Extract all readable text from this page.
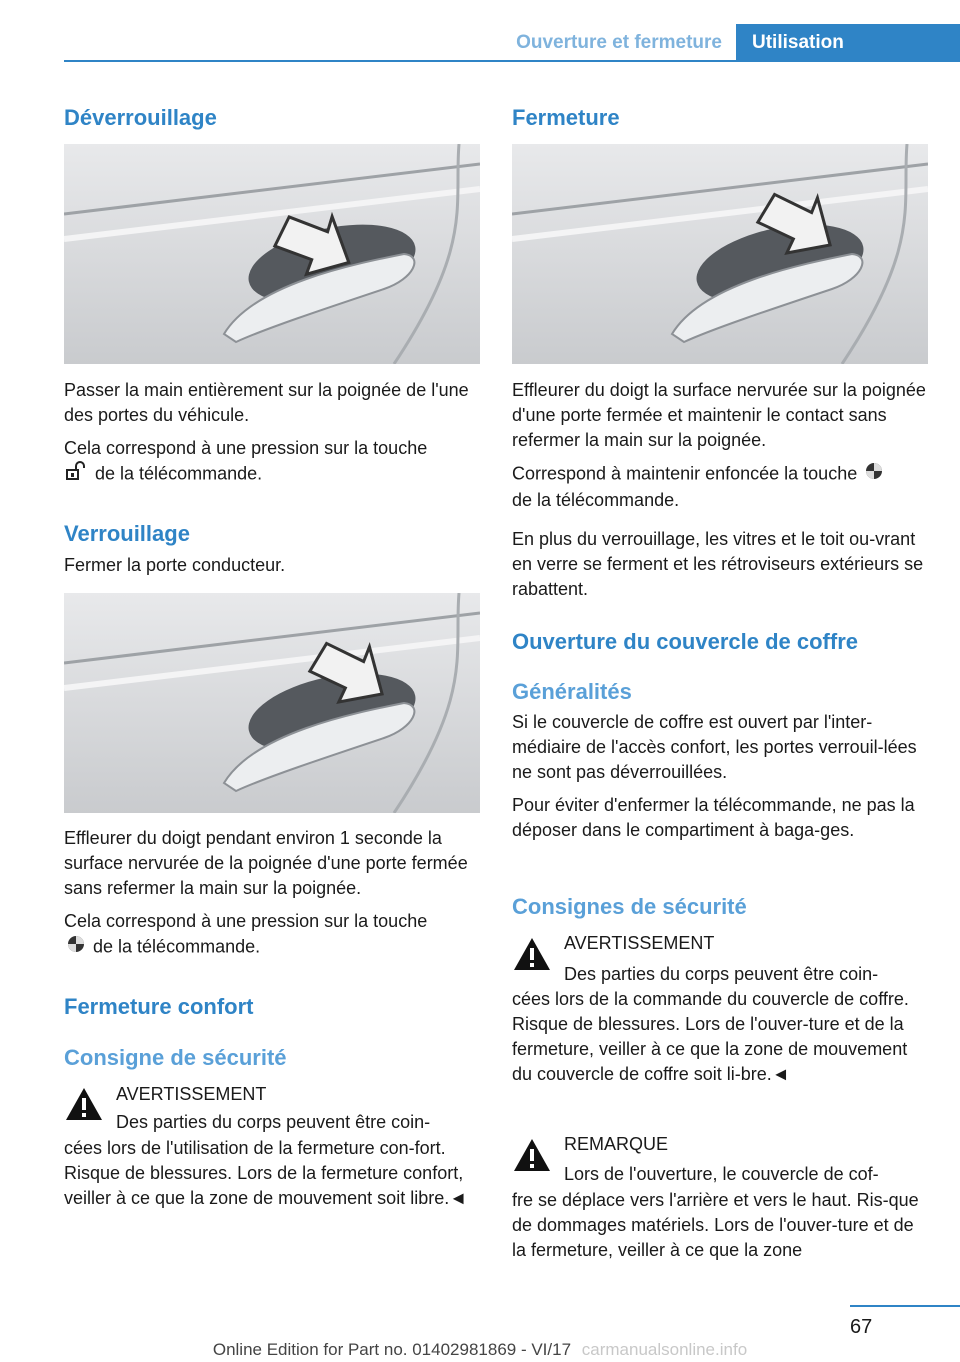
Ouverture et fermeture	Utilisation
Déverrouillage

Passer la main entièrement sur la poignée de l'une des portes du véhicule.

Cela correspond à une pression sur la touche
de la télécommande.

Verrouillage

Fermer la porte conducteur.

Effleurer du doigt pendant environ 1 seconde la surface nervurée de la poignée d'une porte fermée sans refermer la main sur la poignée.

Cela correspond à une pression sur la touche
de la télécommande.

Fermeture confort
Consigne de sécurité

AVERTISSEMENT

Des parties du corps peuvent être coin-

cées lors de l'utilisation de la fermeture con-fort. Risque de blessures. Lors de la fermeture confort, veiller à ce que la zone de mouvement soit libre.◄

Fermeture

Effleurer du doigt la surface nervurée sur la poignée d'une porte fermée et maintenir le contact sans refermer la main sur la poignée.

Correspond à maintenir enfoncée la touche
de la télécommande.

En plus du verrouillage, les vitres et le toit ou-vrant en verre se ferment et les rétroviseurs extérieurs se rabattent.

Ouverture du couvercle de coffre
Généralités

Si le couvercle de coffre est ouvert par l'inter-médiaire de l'accès confort, les portes verrouil-lées ne sont pas déverrouillées.

Pour éviter d'enfermer la télécommande, ne pas la déposer dans le compartiment à baga-ges.

Consignes de sécurité

AVERTISSEMENT

Des parties du corps peuvent être coin-

cées lors de la commande du couvercle de coffre. Risque de blessures. Lors de l'ouver-ture et de la fermeture, veiller à ce que la zone de mouvement du couvercle de coffre soit li-bre.◄

REMARQUE

Lors de l'ouverture, le couvercle de cof-

fre se déplace vers l'arrière et vers le haut. Ris-que de dommages matériels. Lors de l'ouver-ture et de la fermeture, veiller à ce que la zone

67
Online Edition for Part no. 01402981869 - VI/17 carmanualsonline.info
